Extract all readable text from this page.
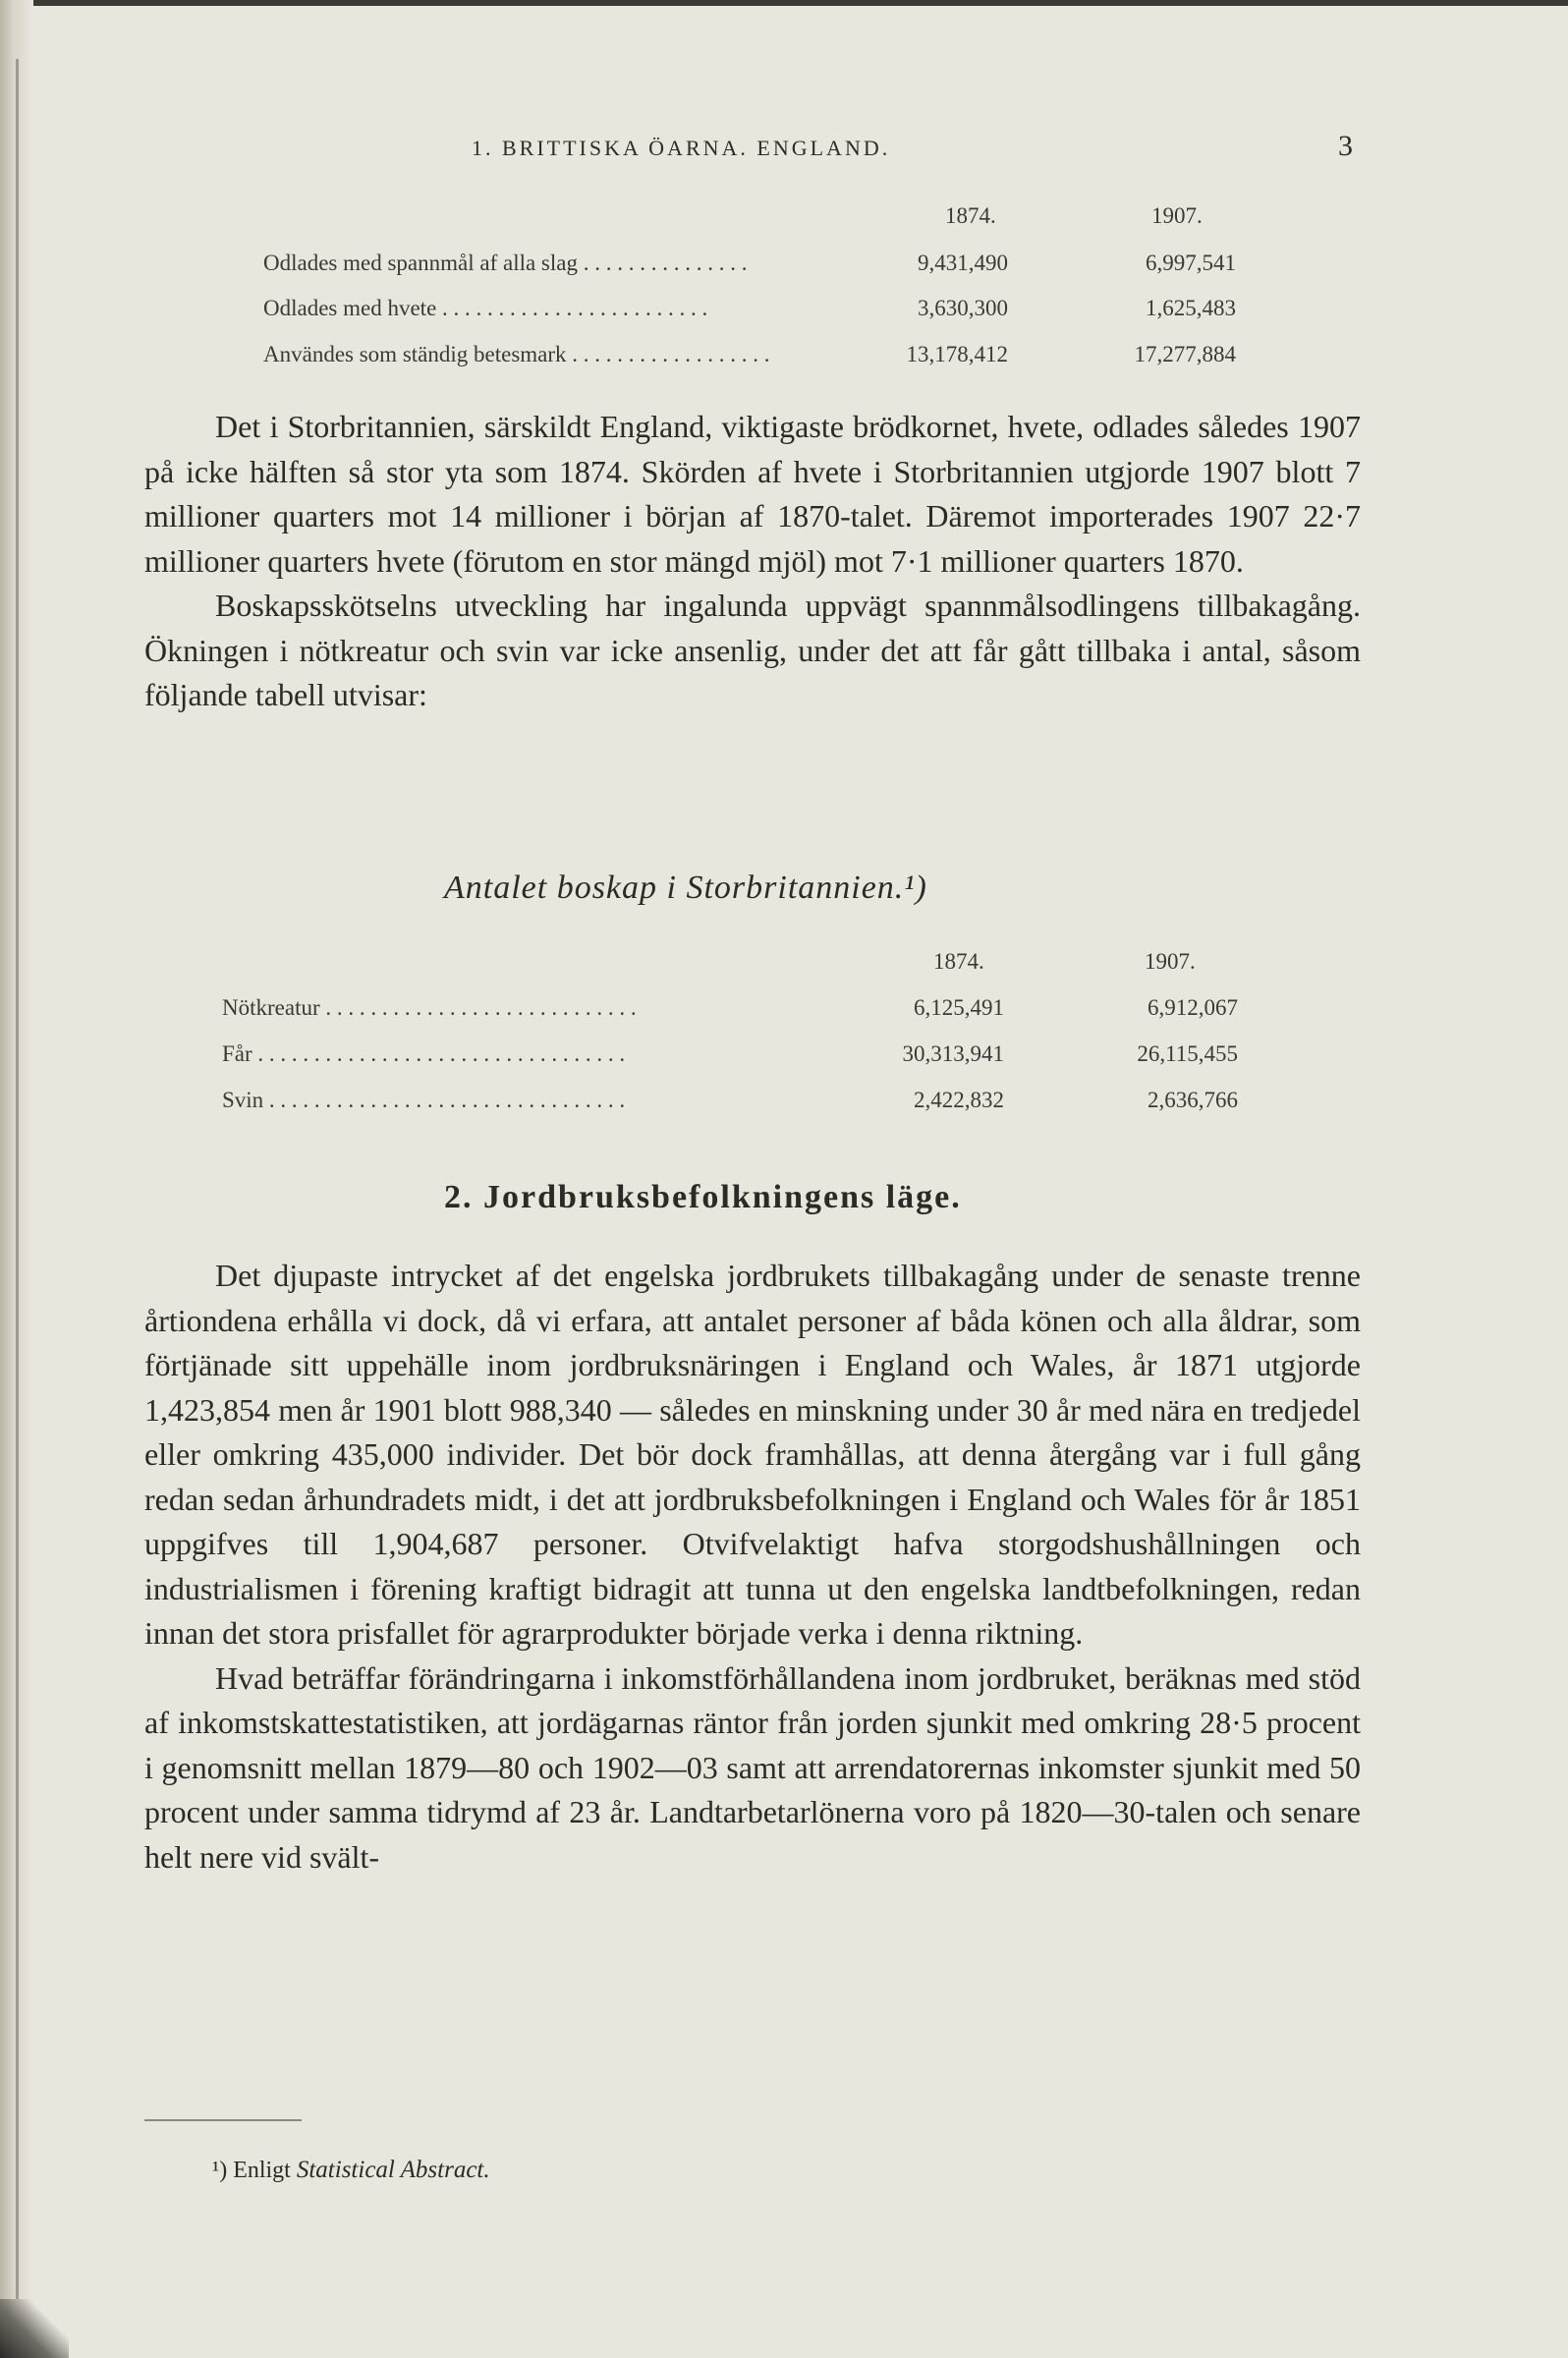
1. BRITTISKA ÖARNA. ENGLAND.	3
1874.	1907.
Odlades med spannmål af alla slag . . . . . . . . . . . . . . .	9,431,490	6,997,541
Odlades med hvete . . . . . . . . . . . . . . . . . . . . . . . .	3,630,300	1,625,483
Användes som ständig betesmark . . . . . . . . . . . . . . . . . .	13,178,412	17,277,884

Det i Storbritannien, särskildt England, viktigaste brödkornet, hvete, odlades således 1907 på icke hälften så stor yta som 1874. Skörden af hvete i Storbritannien utgjorde 1907 blott 7 millioner quarters mot 14 millioner i början af 1870-talet. Däremot importerades 1907 22·7 millioner quarters hvete (förutom en stor mängd mjöl) mot 7·1 millioner quarters 1870.

Boskapsskötselns utveckling har ingalunda uppvägt spannmålsodlingens tillbakagång. Ökningen i nötkreatur och svin var icke ansenlig, under det att får gått tillbaka i antal, såsom följande tabell utvisar:

Antalet boskap i Storbritannien.¹)
1874.	1907.
Nötkreatur . . . . . . . . . . . . . . . . . . . . . . . . . . . .	6,125,491	6,912,067
Får . . . . . . . . . . . . . . . . . . . . . . . . . . . . . . . . .	30,313,941	26,115,455
Svin . . . . . . . . . . . . . . . . . . . . . . . . . . . . . . . .	2,422,832	2,636,766
2. Jordbruksbefolkningens läge.

Det djupaste intrycket af det engelska jordbrukets tillbakagång under de senaste trenne årtiondena erhålla vi dock, då vi erfara, att antalet personer af båda könen och alla åldrar, som förtjänade sitt uppehälle inom jordbruksnäringen i England och Wales, år 1871 utgjorde 1,423,854 men år 1901 blott 988,340 — således en minskning under 30 år med nära en tredjedel eller omkring 435,000 individer. Det bör dock framhållas, att denna återgång var i full gång redan sedan århundradets midt, i det att jordbruksbefolkningen i England och Wales för år 1851 uppgifves till 1,904,687 personer. Otvifvelaktigt hafva storgodshushållningen och industrialismen i förening kraftigt bidragit att tunna ut den engelska landtbefolkningen, redan innan det stora prisfallet för agrarprodukter började verka i denna riktning.

Hvad beträffar förändringarna i inkomstförhållandena inom jordbruket, beräknas med stöd af inkomstskattestatistiken, att jordägarnas räntor från jorden sjunkit med omkring 28·5 procent i genomsnitt mellan 1879—80 och 1902—03 samt att arrendatorernas inkomster sjunkit med 50 procent under samma tidrymd af 23 år. Landtarbetarlönerna voro på 1820—30-talen och senare helt nere vid svält-

¹) Enligt Statistical Abstract.
